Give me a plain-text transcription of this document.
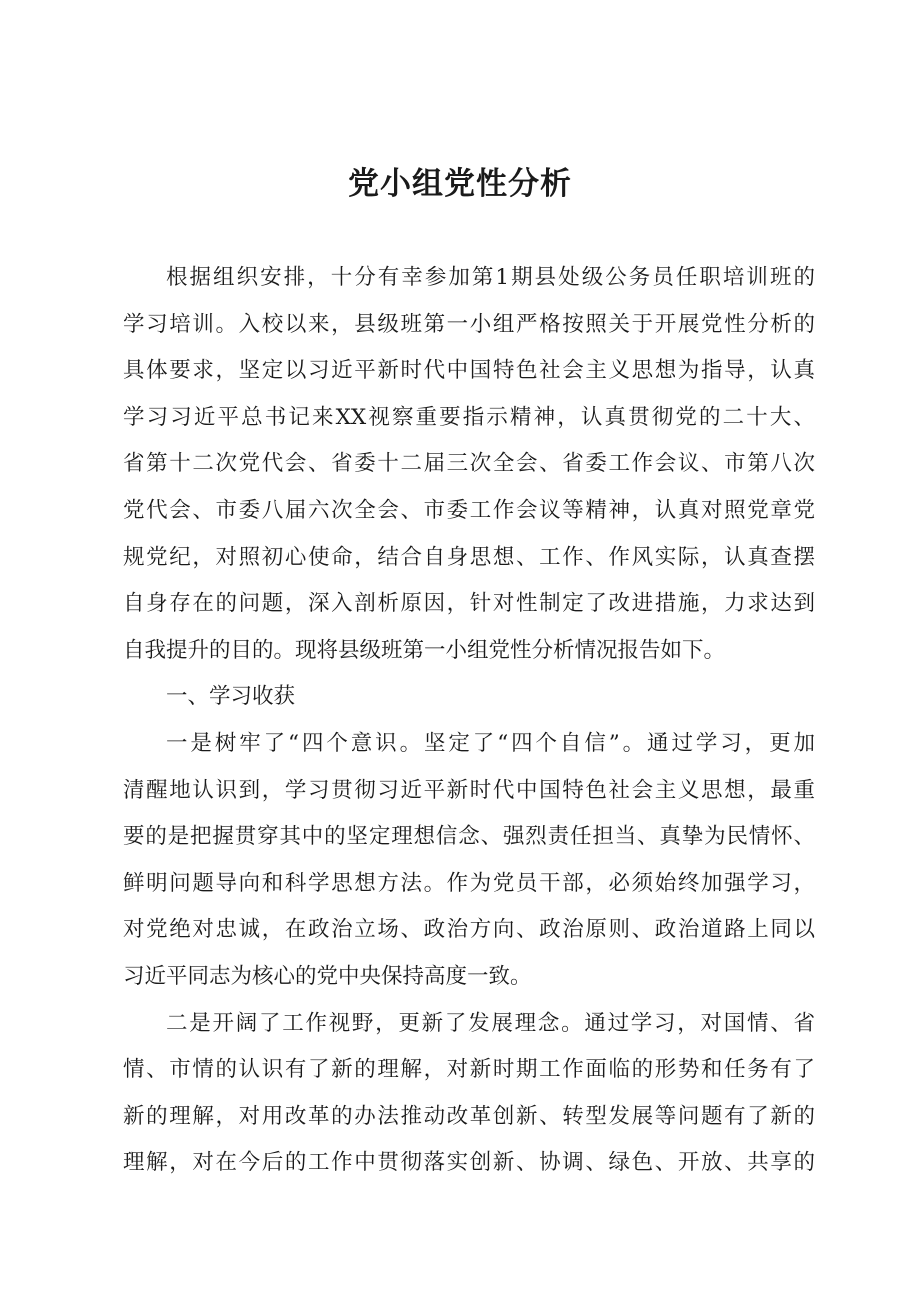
党小组党性分析
根据组织安排，十分有幸参加第1期县处级公务员任职培训班的
学习培训。入校以来，县级班第一小组严格按照关于开展党性分析的
具体要求，坚定以习近平新时代中国特色社会主义思想为指导，认真
学习习近平总书记来XX视察重要指示精神，认真贯彻党的二十大、
省第十二次党代会、省委十二届三次全会、省委工作会议、市第八次
党代会、市委八届六次全会、市委工作会议等精神，认真对照党章党
规党纪，对照初心使命，结合自身思想、工作、作风实际，认真查摆
自身存在的问题，深入剖析原因，针对性制定了改进措施，力求达到
自我提升的目的。现将县级班第一小组党性分析情况报告如下。
一、学习收获
一是树牢了“四个意识。坚定了“四个自信”。通过学习，更加
清醒地认识到，学习贯彻习近平新时代中国特色社会主义思想，最重
要的是把握贯穿其中的坚定理想信念、强烈责任担当、真挚为民情怀、
鲜明问题导向和科学思想方法。作为党员干部，必须始终加强学习，
对党绝对忠诚，在政治立场、政治方向、政治原则、政治道路上同以
习近平同志为核心的党中央保持高度一致。
二是开阔了工作视野，更新了发展理念。通过学习，对国情、省
情、市情的认识有了新的理解，对新时期工作面临的形势和任务有了
新的理解，对用改革的办法推动改革创新、转型发展等问题有了新的
理解，对在今后的工作中贯彻落实创新、协调、绿色、开放、共享的
